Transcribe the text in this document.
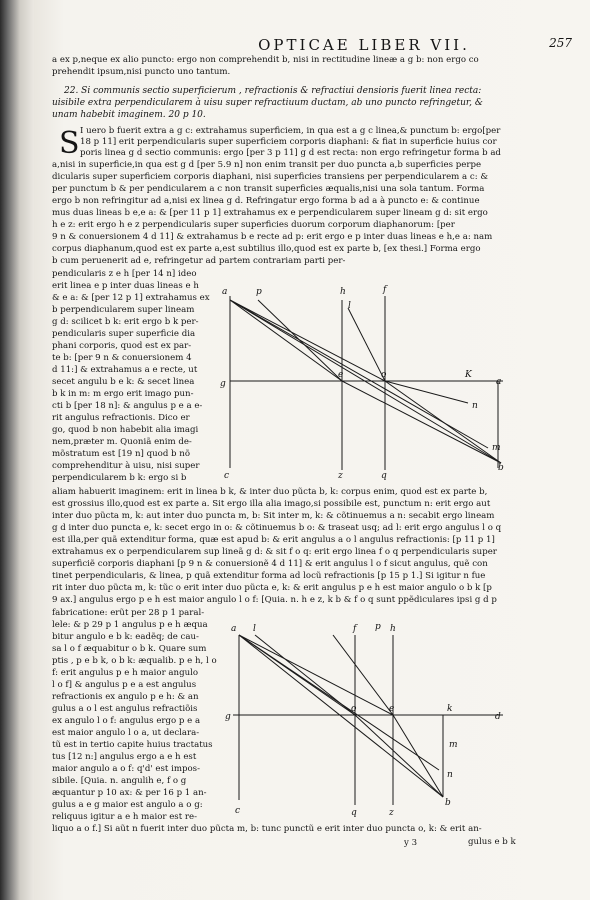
OPTICAE LIBER VII.	257
a ex p,neque ex alio puncto: ergo non comprehendit b, nisi in rectitudine lineæ a g b: non ergo co
prehendit ipsum,nisi puncto uno tantum.
22. Si communis sectio superficierum , refractionis & refractiui densioris fuerit linea recta:
uisibile extra perpendicularem à uisu super refractiuum ductam, ab uno puncto refringetur, &
unam habebit imaginem. 20 p 10.
S I uero b fuerit extra a g c: extrahamus superficiem, in qua est a g c linea,& punctum b: ergo[per
18 p 11] erit perpendicularis super superficiem corporis diaphani: & fiat in superficie huius cor
poris linea g d sectio communis: ergo [per 3 p 11] g d est recta: non ergo refringetur forma b ad
a,nisi in superficie,in qua est g d [per 5.9 n] non enim transit per duo puncta a,b superficies perpe
dicularis super superficiem corporis diaphani, nisi superficies transiens per perpendicularem a c: &
per punctum b & per pendicularem a c non transit superficies æqualis,nisi una sola tantum. Forma
ergo b non refringitur ad a,nisi ex linea g d. Refringatur ergo forma b ad a à puncto e: & continue
mus duas lineas b e,e a: & [per 11 p 1] extrahamus ex e perpendicularem super lineam g d: sit ergo
h e z: erit ergo h e z perpendicularis super superficies duorum corporum diaphanorum: [per
9 n & conuersionem 4 d 11] & extrahamus b e recte ad p: erit ergo e p inter duas lineas e h,e a: nam
corpus diaphanum,quod est ex parte a,est subtilius illo,quod est ex parte b, [ex thesi.] Forma ergo
b cum peruenerit ad e, refringetur ad partem contrariam parti per-
pendicularis z e h [per 14 n] ideo
erit linea e p inter duas lineas e h
& e a: & [per 12 p 1] extrahamus ex
b perpendicularem super lineam
g d: scilicet b k: erit ergo b k per-
pendicularis super superficie dia
phani corporis, quod est ex par-
te b: [per 9 n & conuersionem 4
d 11:] & extrahamus a e recte, ut
secet angulu b e k: & secet linea
b k in m: m ergo erit imago pun-
cti b [per 18 n]: & angulus p e a e-
rit angulus refractionis. Dico er
go, quod b non habebit alia imagi
nem,præter m. Quoniã enim de-
mõstratum est [19 n] quod b nõ
comprehenditur à uisu, nisi super
perpendicularem b k: ergo si b
aliam habuerit imaginem: erit in linea b k, & inter duo pũcta b, k: corpus enim, quod est ex parte b,
est grossius illo,quod est ex parte a. Sit ergo illa alia imago,si possibile est, punctum n: erit ergo aut
inter duo pũcta m, k: aut inter duo puncta m, b: Sit inter m, k: & cõtinuemus a n: secabit ergo lineam
g d inter duo puncta e, k: secet ergo in o: & cõtinuemus b o: & traseat usq; ad l: erit ergo angulus l o q
est illa,per quã extenditur forma, quæ est apud b: & erit angulus a o l angulus refractionis: [p 11 p 1]
extrahamus ex o perpendicularem sup lineã g d: & sit f o q: erit ergo linea f o q perpendicularis super
superficiẽ corporis diaphani [p 9 n & conuersionẽ 4 d 11] & erit angulus l o f sicut angulus, quẽ con
tinet perpendicularis, & linea, p quã extenditur forma ad locũ refractionis [p 15 p 1.] Si igitur n fue
rit inter duo pũcta m, k: tũc o erit inter duo pũcta e, k: & erit angulus p e h est maior angulo o b k [p
9 ax.] angulus ergo p e h est maior angulo l o f: [Quia. n. h e z, k b & f o q sunt ppẽdiculares ipsi g d p
fabricatione: erũt per 28 p 1 paral-
lele: & p 29 p 1 angulus p e h æqua
bitur angulo e b k: eadẽq; de cau-
sa l o f æquabitur o b k. Quare sum
ptis , p e b k, o b k: æqualib. p e h, l o
f: erit angulus p e h maior angulo
l o f] & angulus p e a est angulus
refractionis ex angulo p e h: & an
gulus a o l est angulus refractiõis
ex angulo l o f: angulus ergo p e a
est maior angulo l o a, ut declara-
tũ est in tertio capite huius tractatus
tus [12 n:] angulus ergo a e h est
maior angulo a o f: q'd' est impos-
sibile. [Quia. n. angulih e, f o g
æquantur p 10 ax: & per 16 p 1 an-
gulus a e g maior est angulo a o g:
reliquus igitur a e h maior est re-
liquo a o f.] Si aũt n fuerit inter duo pũcta m, b: tunc punctũ e erit inter duo puncta o, k: & erit an-
gulus e b k
y 3
a	p	h	f
l
g
e	o	K
a
n
m
b
c	z	q
a l	f p h
g
o	e	k
d
m
n
b
c	q	z
